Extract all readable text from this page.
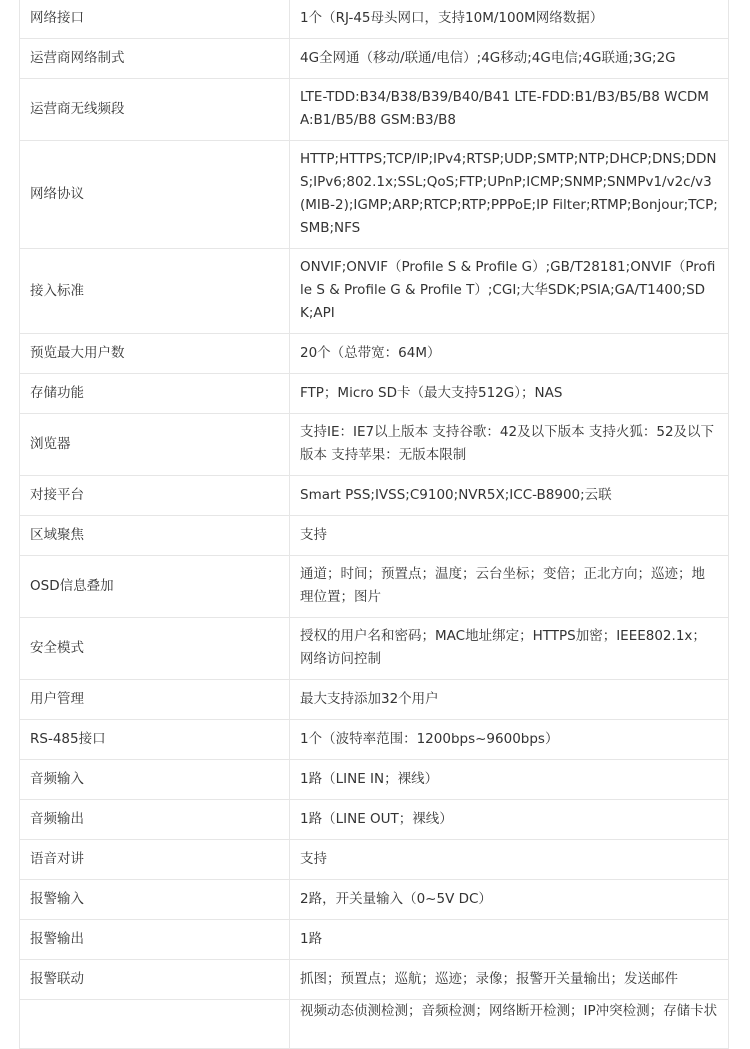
网络接口	1个（RJ-45母头网口，支持10M/100M网络数据）
运营商网络制式	4G全网通（移动/联通/电信）;4G移动;4G电信;4G联通;3G;2G
运营商无线频段	LTE-TDD:B34/B38/B39/B40/B41 LTE-FDD:B1/B3/B5/B8 WCDMA:B1/B5/B8 GSM:B3/B8
网络协议	HTTP;HTTPS;TCP/IP;IPv4;RTSP;UDP;SMTP;NTP;DHCP;DNS;DDNS;IPv6;802.1x;SSL;QoS;FTP;UPnP;ICMP;SNMP;SNMPv1/v2c/v3(MIB-2);IGMP;ARP;RTCP;RTP;PPPoE;IP Filter;RTMP;Bonjour;TCP;SMB;NFS
接入标准	ONVIF;ONVIF（Profile S & Profile G）;GB/T28181;ONVIF（Profile S & Profile G & Profile T）;CGI;大华SDK;PSIA;GA/T1400;SDK;API
预览最大用户数	20个（总带宽：64M）
存储功能	FTP；Micro SD卡（最大支持512G）；NAS
浏览器	支持IE：IE7以上版本 支持谷歌：42及以下版本 支持火狐：52及以下版本 支持苹果：无版本限制
对接平台	Smart PSS;IVSS;C9100;NVR5X;ICC-B8900;云联
区域聚焦	支持
OSD信息叠加	通道；时间；预置点；温度；云台坐标；变倍；正北方向；巡迹；地理位置；图片
安全模式	授权的用户名和密码；MAC地址绑定；HTTPS加密；IEEE802.1x；网络访问控制
用户管理	最大支持添加32个用户
RS-485接口	1个（波特率范围：1200bps~9600bps）
音频输入	1路（LINE IN；裸线）
音频输出	1路（LINE OUT；裸线）
语音对讲	支持
报警输入	2路，开关量输入（0~5V DC）
报警输出	1路
报警联动	抓图；预置点；巡航；巡迹；录像；报警开关量输出；发送邮件
	视频动态侦测检测；音频检测；网络断开检测；IP冲突检测；存储卡状
